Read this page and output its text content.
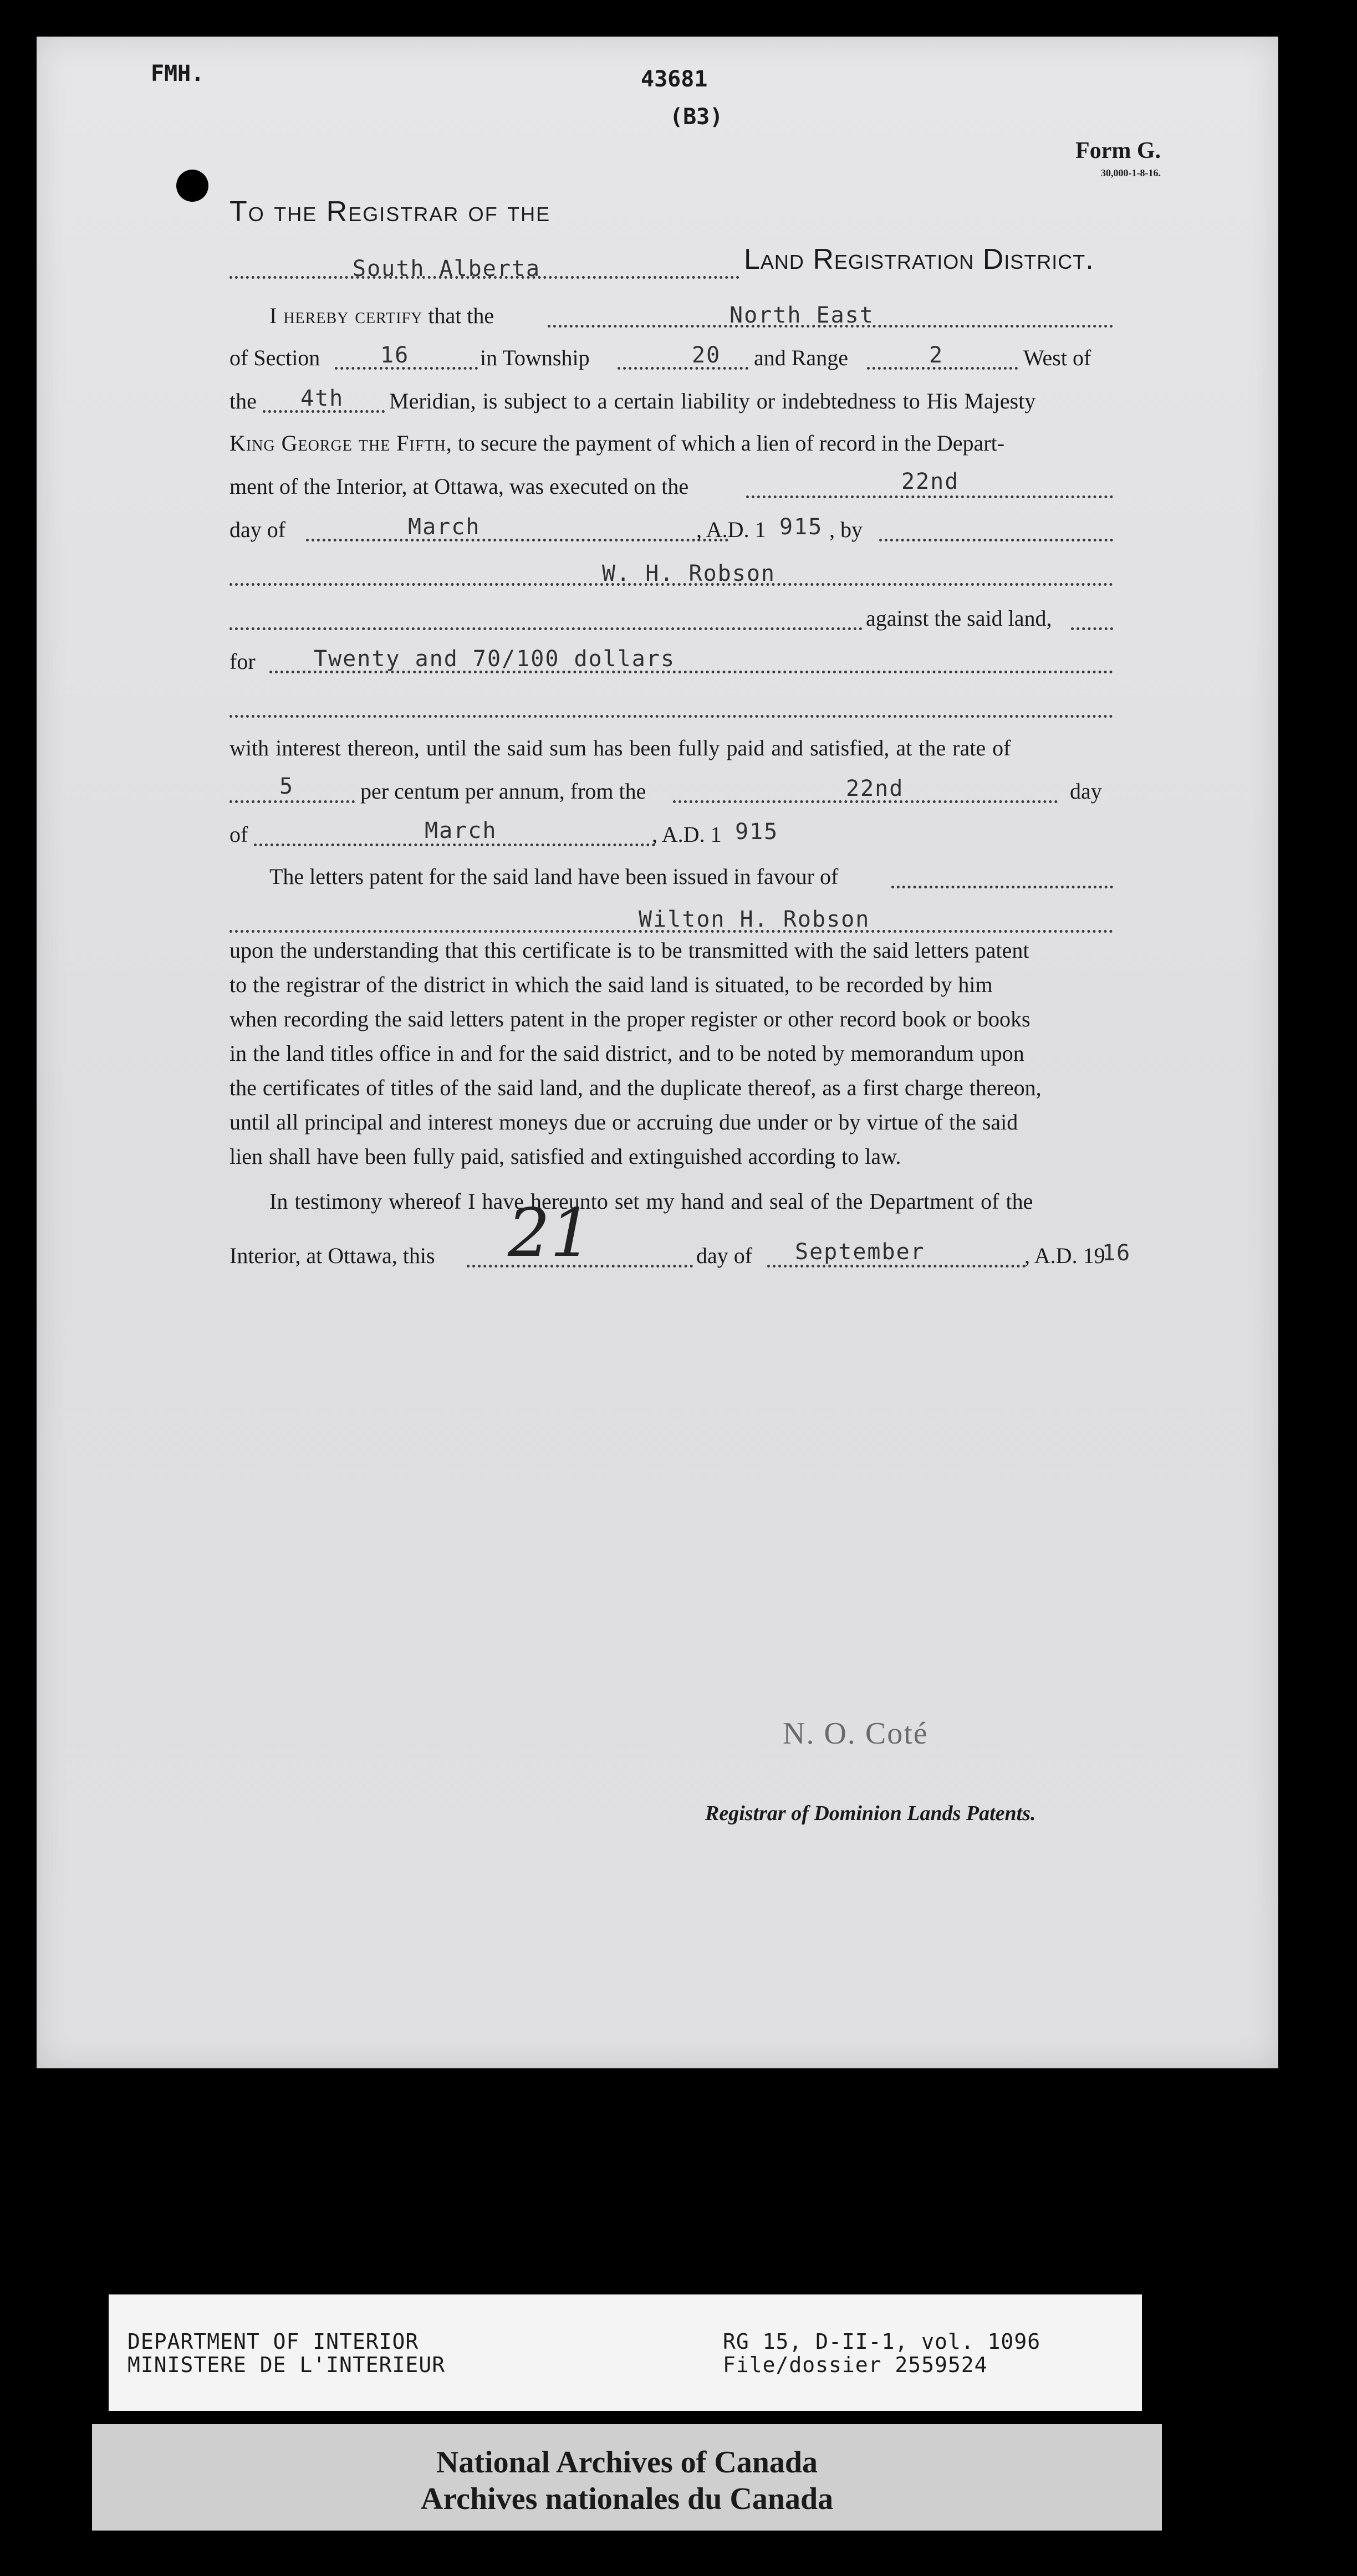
FMH.	43681
(B3)
Form G.
30,000-1-8-16.
To the Registrar of the
South Alberta	Land Registration District.
I hereby certify that the	North East
of Section	16	in Township	20 and Range	2	West of
the 4th Meridian, is subject to a certain liability or indebtedness to His Majesty
King George the Fifth, to secure the payment of which a lien of record in the Depart-
ment of the Interior, at Ottawa, was executed on the	22nd
day of	March	, A.D. 1 915 , by
W. H. Robson
against the said land,
for	Twenty and 70/100 dollars
with interest thereon, until the said sum has been fully paid and satisfied, at the rate of
5	per centum per annum, from the	22nd	day
of	March	, A.D. 1 915
The letters patent for the said land have been issued in favour of
Wilton H. Robson
upon the understanding that this certificate is to be transmitted with the said letters patent
to the registrar of the district in which the said land is situated, to be recorded by him
when recording the said letters patent in the proper register or other record book or books
in the land titles office in and for the said district, and to be noted by memorandum upon
the certificates of titles of the said land, and the duplicate thereof, as a first charge thereon,
until all principal and interest moneys due or accruing due under or by virtue of the said
lien shall have been fully paid, satisfied and extinguished according to law.
In testimony whereof I have hereunto set my hand and seal of the Department of the
Interior, at Ottawa, this 21	day of September	, A.D. 19
16
N. O. Coté
Registrar of Dominion Lands Patents.
DEPARTMENT OF INTERIOR
MINISTERE DE L'INTERIEUR
RG 15, D-II-1, vol. 1096
File/dossier 2559524
National Archives of Canada
Archives nationales du Canada
